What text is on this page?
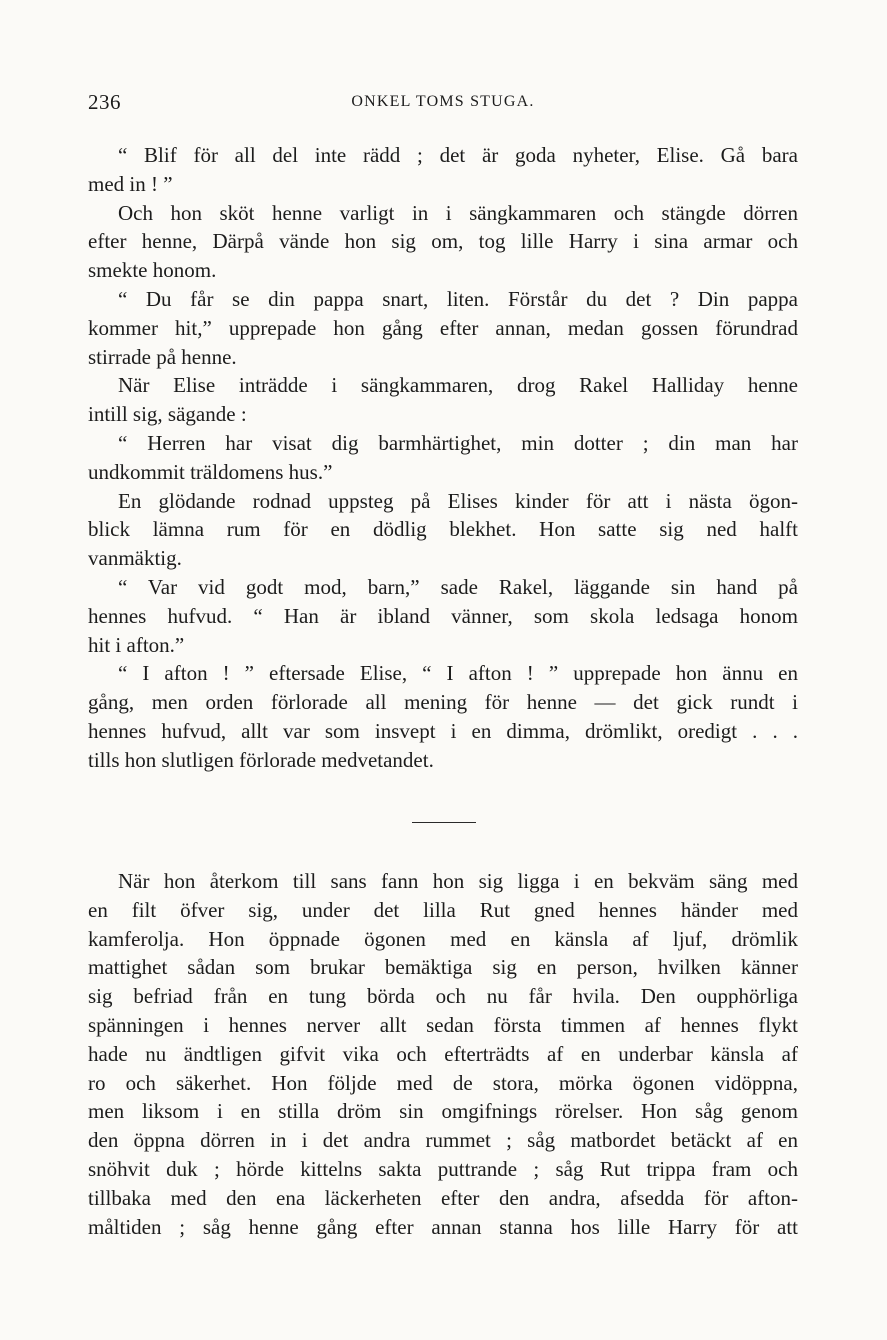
236	ONKEL TOMS STUGA.
“ Blif för all del inte rädd ; det är goda nyheter, Elise. Gå bara
med in ! ”
Och hon sköt henne varligt in i sängkammaren och stängde dörren
efter henne, Därpå vände hon sig om, tog lille Harry i sina armar och
smekte honom.
“ Du får se din pappa snart, liten. Förstår du det ? Din pappa
kommer hit,” upprepade hon gång efter annan, medan gossen förundrad
stirrade på henne.
När Elise inträdde i sängkammaren, drog Rakel Halliday henne
intill sig, sägande :
“ Herren har visat dig barmhärtighet, min dotter ; din man har
undkommit träldomens hus.”
En glödande rodnad uppsteg på Elises kinder för att i nästa ögon-
blick lämna rum för en dödlig blekhet. Hon satte sig ned halft
vanmäktig.
“ Var vid godt mod, barn,” sade Rakel, läggande sin hand på
hennes hufvud. “ Han är ibland vänner, som skola ledsaga honom
hit i afton.”
“ I afton ! ” eftersade Elise, “ I afton ! ” upprepade hon ännu en
gång, men orden förlorade all mening för henne — det gick rundt i
hennes hufvud, allt var som insvept i en dimma, drömlikt, oredigt . . .
tills hon slutligen förlorade medvetandet.
När hon återkom till sans fann hon sig ligga i en bekväm säng med
en filt öfver sig, under det lilla Rut gned hennes händer med
kamferolja. Hon öppnade ögonen med en känsla af ljuf, drömlik
mattighet sådan som brukar bemäktiga sig en person, hvilken känner
sig befriad från en tung börda och nu får hvila. Den oupphörliga
spänningen i hennes nerver allt sedan första timmen af hennes flykt
hade nu ändtligen gifvit vika och efterträdts af en underbar känsla af
ro och säkerhet. Hon följde med de stora, mörka ögonen vidöppna,
men liksom i en stilla dröm sin omgifnings rörelser. Hon såg genom
den öppna dörren in i det andra rummet ; såg matbordet betäckt af en
snöhvit duk ; hörde kittelns sakta puttrande ; såg Rut trippa fram och
tillbaka med den ena läckerheten efter den andra, afsedda för afton-
måltiden ; såg henne gång efter annan stanna hos lille Harry för att
